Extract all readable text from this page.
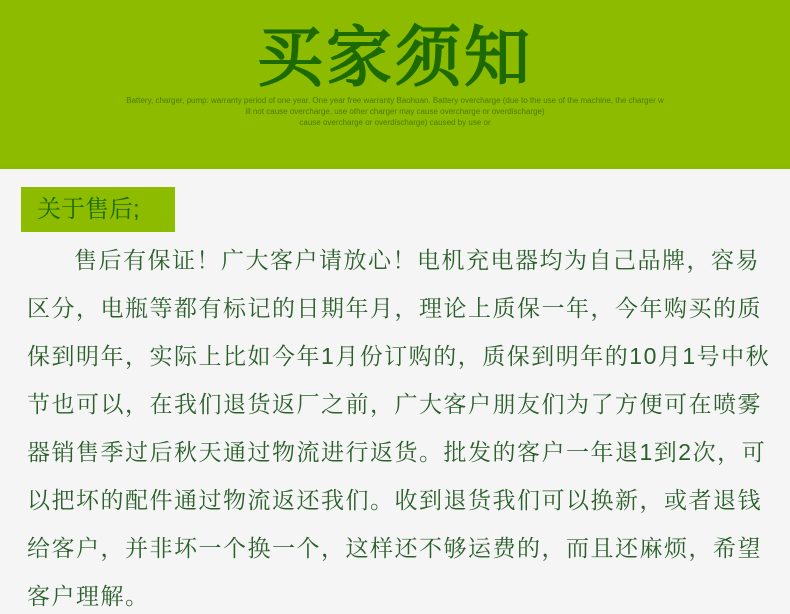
买家须知
Battery, charger, pump: warranty period of one year. One year free warranty Baohuan. Battery overcharge (due to the use of the machine, the charger w
ill not cause overcharge, use other charger may cause overcharge or overdischarge)
cause overcharge or overdischarge) caused by use or
关于售后;
售后有保证！广大客户请放心！电机充电器均为自己品牌，容易
区分，电瓶等都有标记的日期年月，理论上质保一年，今年购买的质
保到明年，实际上比如今年1月份订购的，质保到明年的10月1号中秋
节也可以，在我们退货返厂之前，广大客户朋友们为了方便可在喷雾
器销售季过后秋天通过物流进行返货。批发的客户一年退1到2次，可
以把坏的配件通过物流返还我们。收到退货我们可以换新，或者退钱
给客户，并非坏一个换一个，这样还不够运费的，而且还麻烦，希望
客户理解。
